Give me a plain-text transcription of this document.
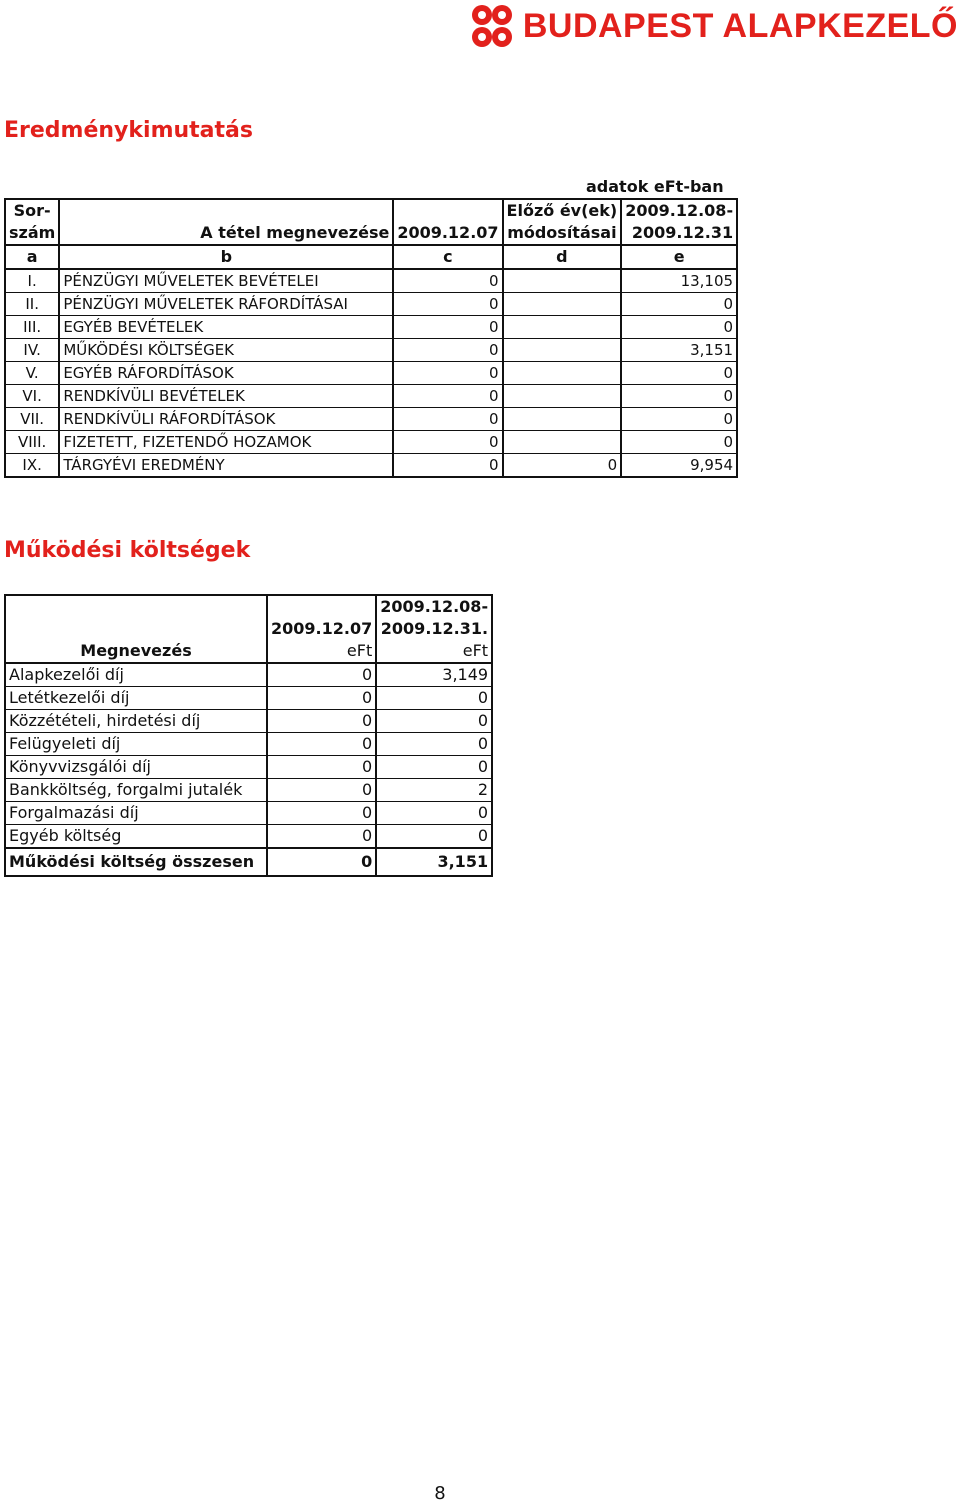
BUDAPEST ALAPKEZELŐ
Eredménykimutatás
adatok eFt-ban
Sor-			Előző év(ek)	2009.12.08-
szám	A tétel megnevezése	2009.12.07	módosításai	2009.12.31
a	b	c	d	e
I.	PÉNZÜGYI MŰVELETEK BEVÉTELEI	0		13,105
II.	PÉNZÜGYI MŰVELETEK RÁFORDÍTÁSAI	0		0
III.	EGYÉB BEVÉTELEK	0		0
IV.	MŰKÖDÉSI KÖLTSÉGEK	0		3,151
V.	EGYÉB RÁFORDÍTÁSOK	0		0
VI.	RENDKÍVÜLI BEVÉTELEK	0		0
VII.	RENDKÍVÜLI RÁFORDÍTÁSOK	0		0
VIII.	FIZETETT, FIZETENDŐ HOZAMOK	0		0
IX.	TÁRGYÉVI EREDMÉNY	0	0	9,954
Működési költségek
		2009.12.08-
	2009.12.07	2009.12.31.
Megnevezés	eFt	eFt
Alapkezelői díj	0	3,149
Letétkezelői díj	0	0
Közzétételi, hirdetési díj	0	0
Felügyeleti díj	0	0
Könyvvizsgálói díj	0	0
Bankköltség, forgalmi jutalék	0	2
Forgalmazási díj	0	0
Egyéb költség	0	0
Működési költség összesen	0	3,151
8
